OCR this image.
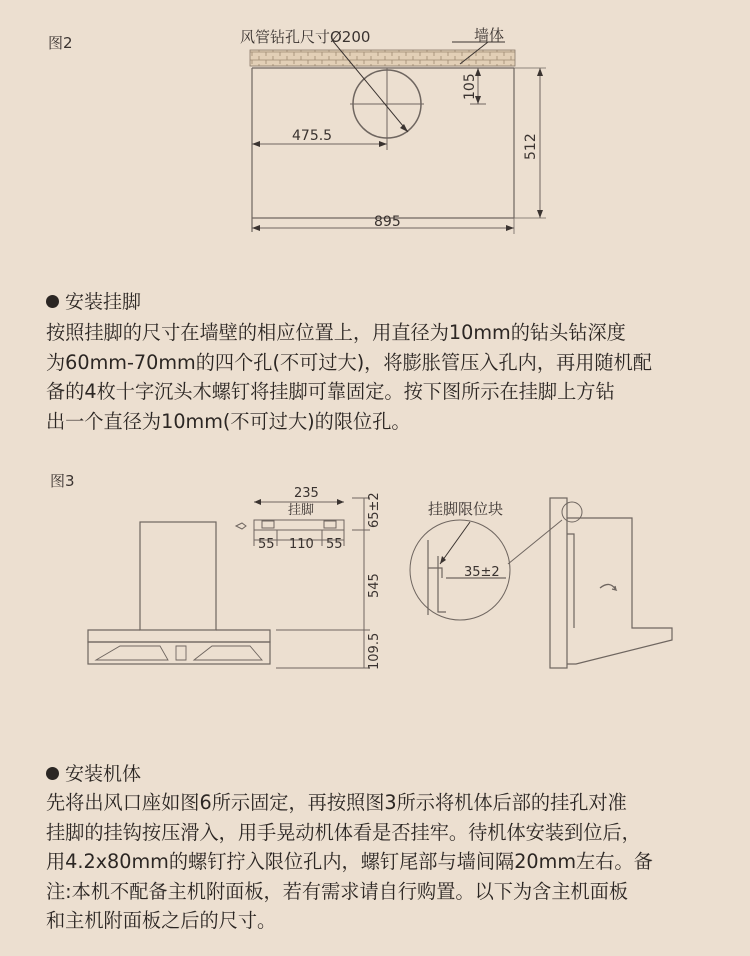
图2	风管钻孔尺寸Ø200	墙体
105
475.5	512
895
安装挂脚
按照挂脚的尺寸在墙壁的相应位置上，用直径为10mm的钻头钻深度
为60mm-70mm的四个孔(不可过大)，将膨胀管压入孔内，再用随机配
备的4枚十字沉头木螺钉将挂脚可靠固定。按下图所示在挂脚上方钻
出一个直径为10mm(不可过大)的限位孔。
图3
235
挂脚
55 110 55
65±2
545
109.5
挂脚限位块
35±2
安装机体
先将出风口座如图6所示固定，再按照图3所示将机体后部的挂孔对准
挂脚的挂钩按压滑入，用手晃动机体看是否挂牢。待机体安装到位后，
用4.2x80mm的螺钉拧入限位孔内，螺钉尾部与墙间隔20mm左右。备
注:本机不配备主机附面板，若有需求请自行购置。以下为含主机面板
和主机附面板之后的尺寸。
